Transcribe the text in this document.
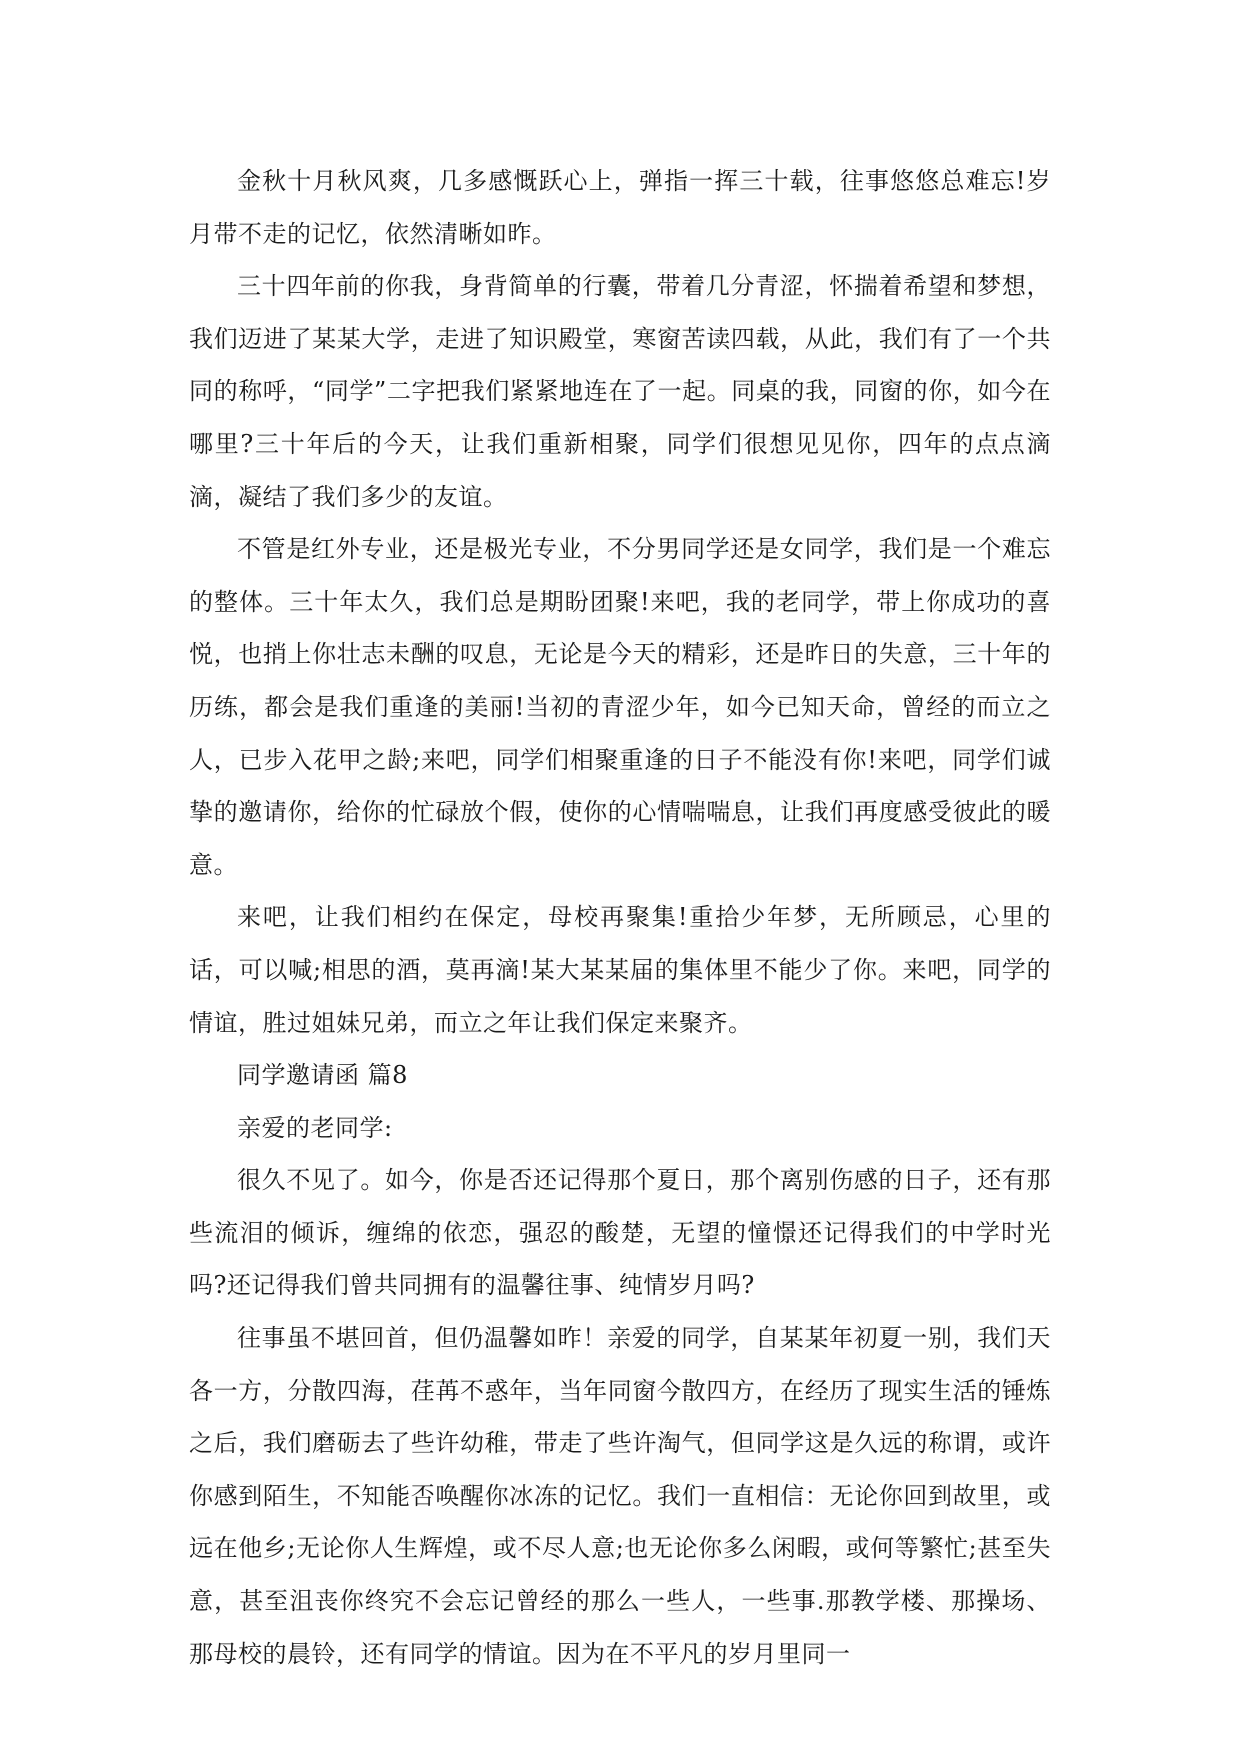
金秋十月秋风爽，几多感慨跃心上，弹指一挥三十载，往事悠悠总难忘!岁月带不走的记忆，依然清晰如昨。

三十四年前的你我，身背简单的行囊，带着几分青涩，怀揣着希望和梦想，我们迈进了某某大学，走进了知识殿堂，寒窗苦读四载，从此，我们有了一个共同的称呼，“同学”二字把我们紧紧地连在了一起。同桌的我，同窗的你，如今在哪里?三十年后的今天，让我们重新相聚，同学们很想见见你，四年的点点滴滴，凝结了我们多少的友谊。

不管是红外专业，还是极光专业，不分男同学还是女同学，我们是一个难忘的整体。三十年太久，我们总是期盼团聚!来吧，我的老同学，带上你成功的喜悦，也捎上你壮志未酬的叹息，无论是今天的精彩，还是昨日的失意，三十年的历练，都会是我们重逢的美丽!当初的青涩少年，如今已知天命，曾经的而立之人，已步入花甲之龄;来吧，同学们相聚重逢的日子不能没有你!来吧，同学们诚挚的邀请你，给你的忙碌放个假，使你的心情喘喘息，让我们再度感受彼此的暖意。

来吧，让我们相约在保定，母校再聚集!重拾少年梦，无所顾忌，心里的话，可以喊;相思的酒，莫再滴!某大某某届的集体里不能少了你。来吧，同学的情谊，胜过姐妹兄弟，而立之年让我们保定来聚齐。

同学邀请函 篇8

亲爱的老同学:

很久不见了。如今，你是否还记得那个夏日，那个离别伤感的日子，还有那些流泪的倾诉，缠绵的依恋，强忍的酸楚，无望的憧憬还记得我们的中学时光吗?还记得我们曾共同拥有的温馨往事、纯情岁月吗?

往事虽不堪回首，但仍温馨如昨！亲爱的同学，自某某年初夏一别，我们天各一方，分散四海，荏苒不惑年，当年同窗今散四方，在经历了现实生活的锤炼之后，我们磨砺去了些许幼稚，带走了些许淘气，但同学这是久远的称谓，或许你感到陌生，不知能否唤醒你冰冻的记忆。我们一直相信：无论你回到故里，或远在他乡;无论你人生辉煌，或不尽人意;也无论你多么闲暇，或何等繁忙;甚至失意，甚至沮丧你终究不会忘记曾经的那么一些人，一些事.那教学楼、那操场、那母校的晨铃，还有同学的情谊。因为在不平凡的岁月里同一
